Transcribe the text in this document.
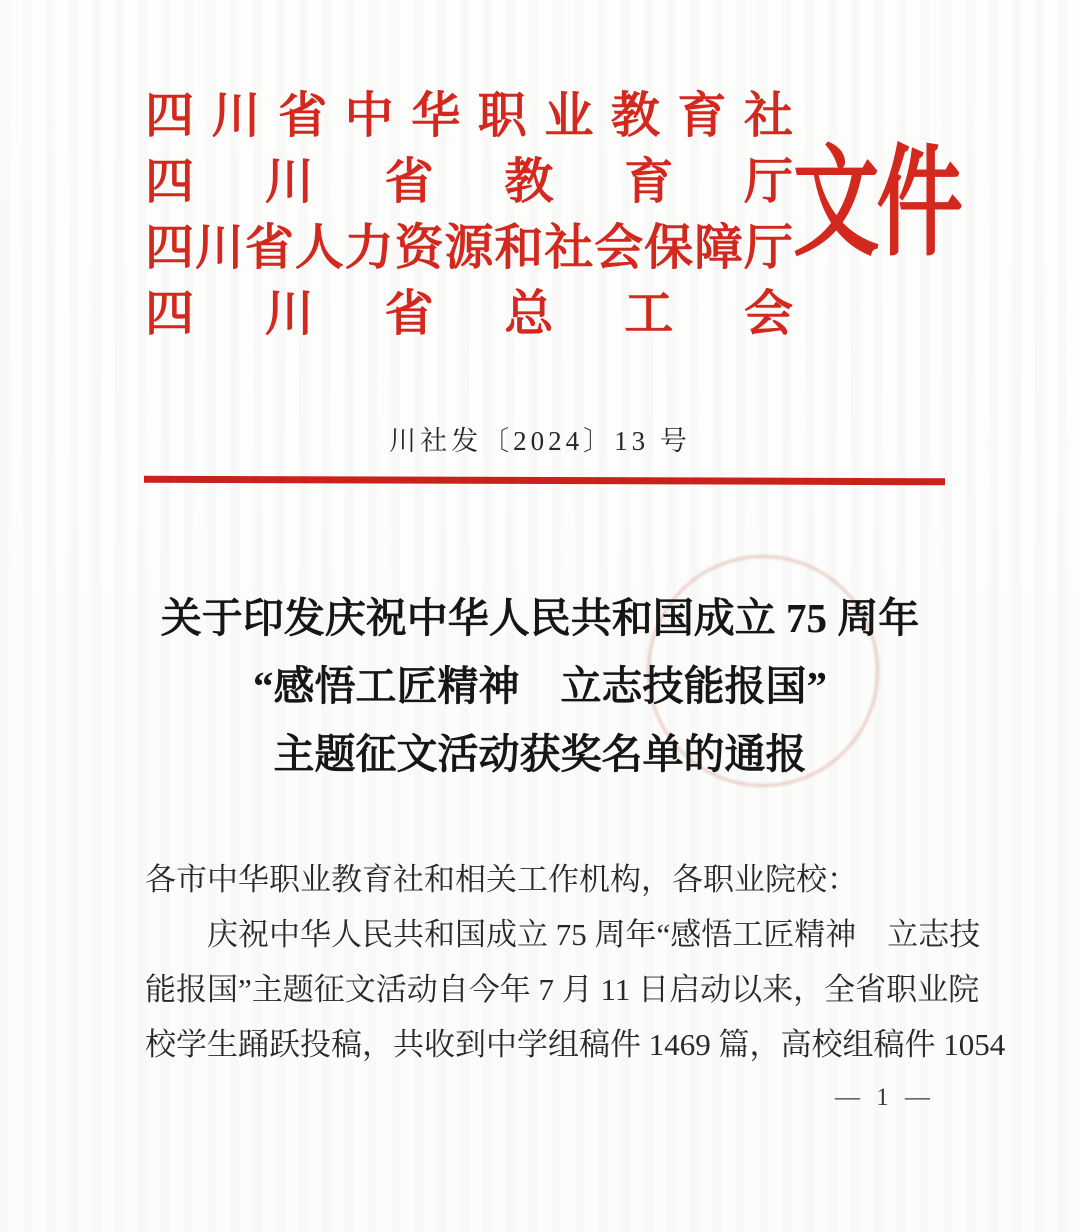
四川省中华职业教育社
四川省教育厅
四川省人力资源和社会保障厅
四川省总工会
文件
川社发〔2024〕13 号
关于印发庆祝中华人民共和国成立 75 周年
“感悟工匠精神　立志技能报国”
主题征文活动获奖名单的通报
各市中华职业教育社和相关工作机构，各职业院校：
庆祝中华人民共和国成立 75 周年“感悟工匠精神　立志技
能报国”主题征文活动自今年 7 月 11 日启动以来，全省职业院
校学生踊跃投稿，共收到中学组稿件 1469 篇，高校组稿件 1054
— 1 —
